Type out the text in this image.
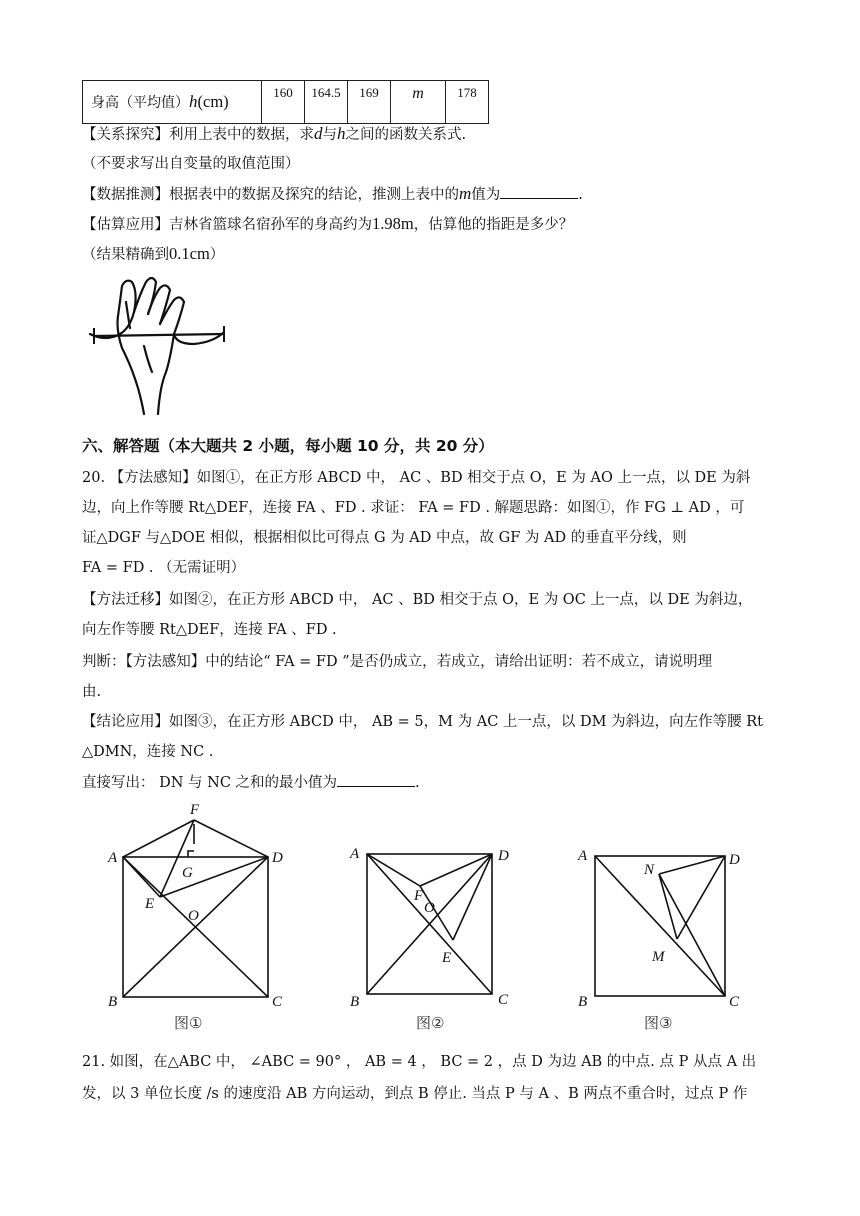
身高（平均值）h(cm)	160	164.5	169	m	178
【关系探究】利用上表中的数据，求d与h之间的函数关系式.
（不要求写出自变量的取值范围）
【数据推测】根据表中的数据及探究的结论，推测上表中的m值为	.
【估算应用】吉林省篮球名宿孙军的身高约为1.98m，估算他的指距是多少？
（结果精确到0.1cm）
六、解答题（本大题共 2 小题，每小题 10 分，共 20 分）
20. 【方法感知】如图①，在正方形 ABCD 中， AC 、BD 相交于点 O，E 为 AO 上一点，以 DE 为斜
边，向上作等腰 Rt△DEF，连接 FA 、FD . 求证： FA = FD . 解题思路：如图①，作 FG ⊥ AD ，可
证△DGF 与△DOE 相似，根据相似比可得点 G 为 AD 中点，故 GF 为 AD 的垂直平分线，则
FA = FD . （无需证明）
【方法迁移】如图②，在正方形 ABCD 中， AC 、BD 相交于点 O，E 为 OC 上一点，以 DE 为斜边，
向左作等腰 Rt△DEF，连接 FA 、FD .
判断：【方法感知】中的结论“ FA = FD ”是否仍成立，若成立，请给出证明：若不成立，请说明理
由.
【结论应用】如图③，在正方形 ABCD 中， AB = 5，M 为 AC 上一点，以 DM 为斜边，向左作等腰 Rt
△DMN，连接 NC .
直接写出： DN 与 NC 之和的最小值为	.
F
A	D
G
E
O
B	C
图①
A	D
F
O
E
B	C
图②
A	D
N
M
B	C
图③
21. 如图，在△ABC 中， ∠ABC = 90° ， AB = 4 ， BC = 2 ，点 D 为边 AB 的中点. 点 P 从点 A 出
发，以 3 单位长度 /s 的速度沿 AB 方向运动，到点 B 停止. 当点 P 与 A 、B 两点不重合时，过点 P 作
